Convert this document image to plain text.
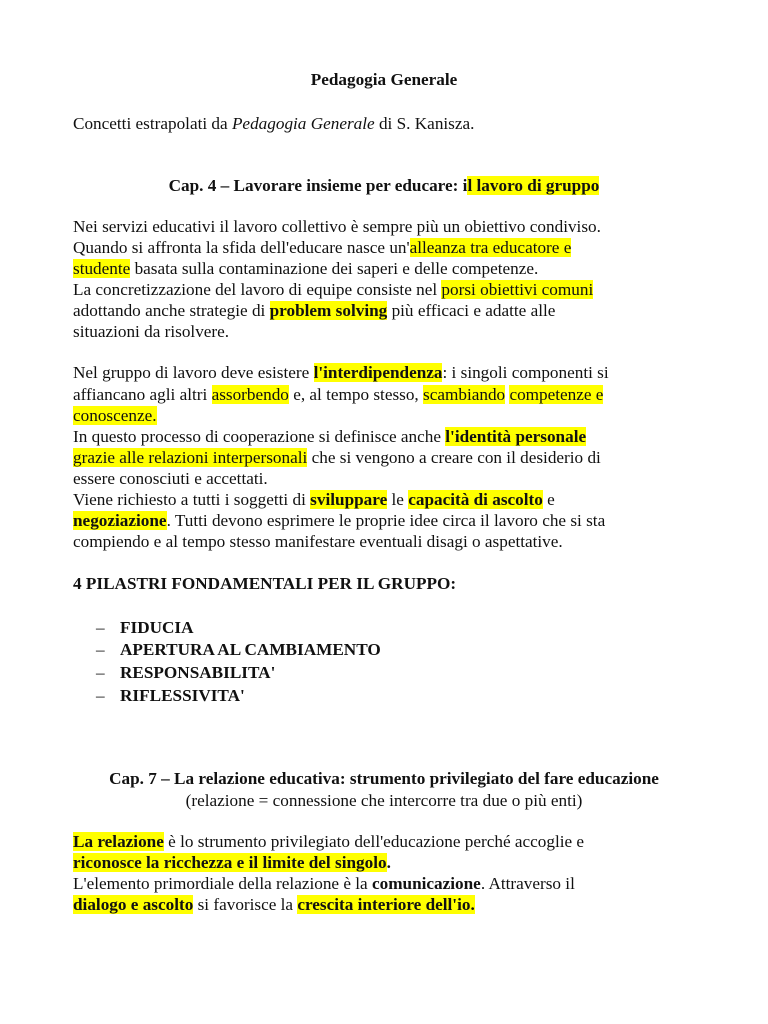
Pedagogia Generale
Concetti estrapolati da Pedagogia Generale di S. Kanisza.
Cap. 4 – Lavorare insieme per educare: il lavoro di gruppo
Nei servizi educativi il lavoro collettivo è sempre più un obiettivo condiviso.
Quando si affronta la sfida dell'educare nasce un'alleanza tra educatore e
studente basata sulla contaminazione dei saperi e delle competenze.
La concretizzazione del lavoro di equipe consiste nel porsi obiettivi comuni
adottando anche strategie di problem solving più efficaci e adatte alle
situazioni da risolvere.
Nel gruppo di lavoro deve esistere l'interdipendenza: i singoli componenti si
affiancano agli altri assorbendo e, al tempo stesso, scambiando competenze e
conoscenze.
In questo processo di cooperazione si definisce anche l'identità personale
grazie alle relazioni interpersonali che si vengono a creare con il desiderio di
essere conosciuti e accettati.
Viene richiesto a tutti i soggetti di sviluppare le capacità di ascolto e
negoziazione. Tutti devono esprimere le proprie idee circa il lavoro che si sta
compiendo e al tempo stesso manifestare eventuali disagi o aspettative.
4 PILASTRI FONDAMENTALI PER IL GRUPPO:
– FIDUCIA
– APERTURA AL CAMBIAMENTO
– RESPONSABILITA'
– RIFLESSIVITA'
Cap. 7 – La relazione educativa: strumento privilegiato del fare educazione
(relazione = connessione che intercorre tra due o più enti)
La relazione è lo strumento privilegiato dell'educazione perché accoglie e
riconosce la ricchezza e il limite del singolo.
L'elemento primordiale della relazione è la comunicazione. Attraverso il
dialogo e ascolto si favorisce la crescita interiore dell'io.
